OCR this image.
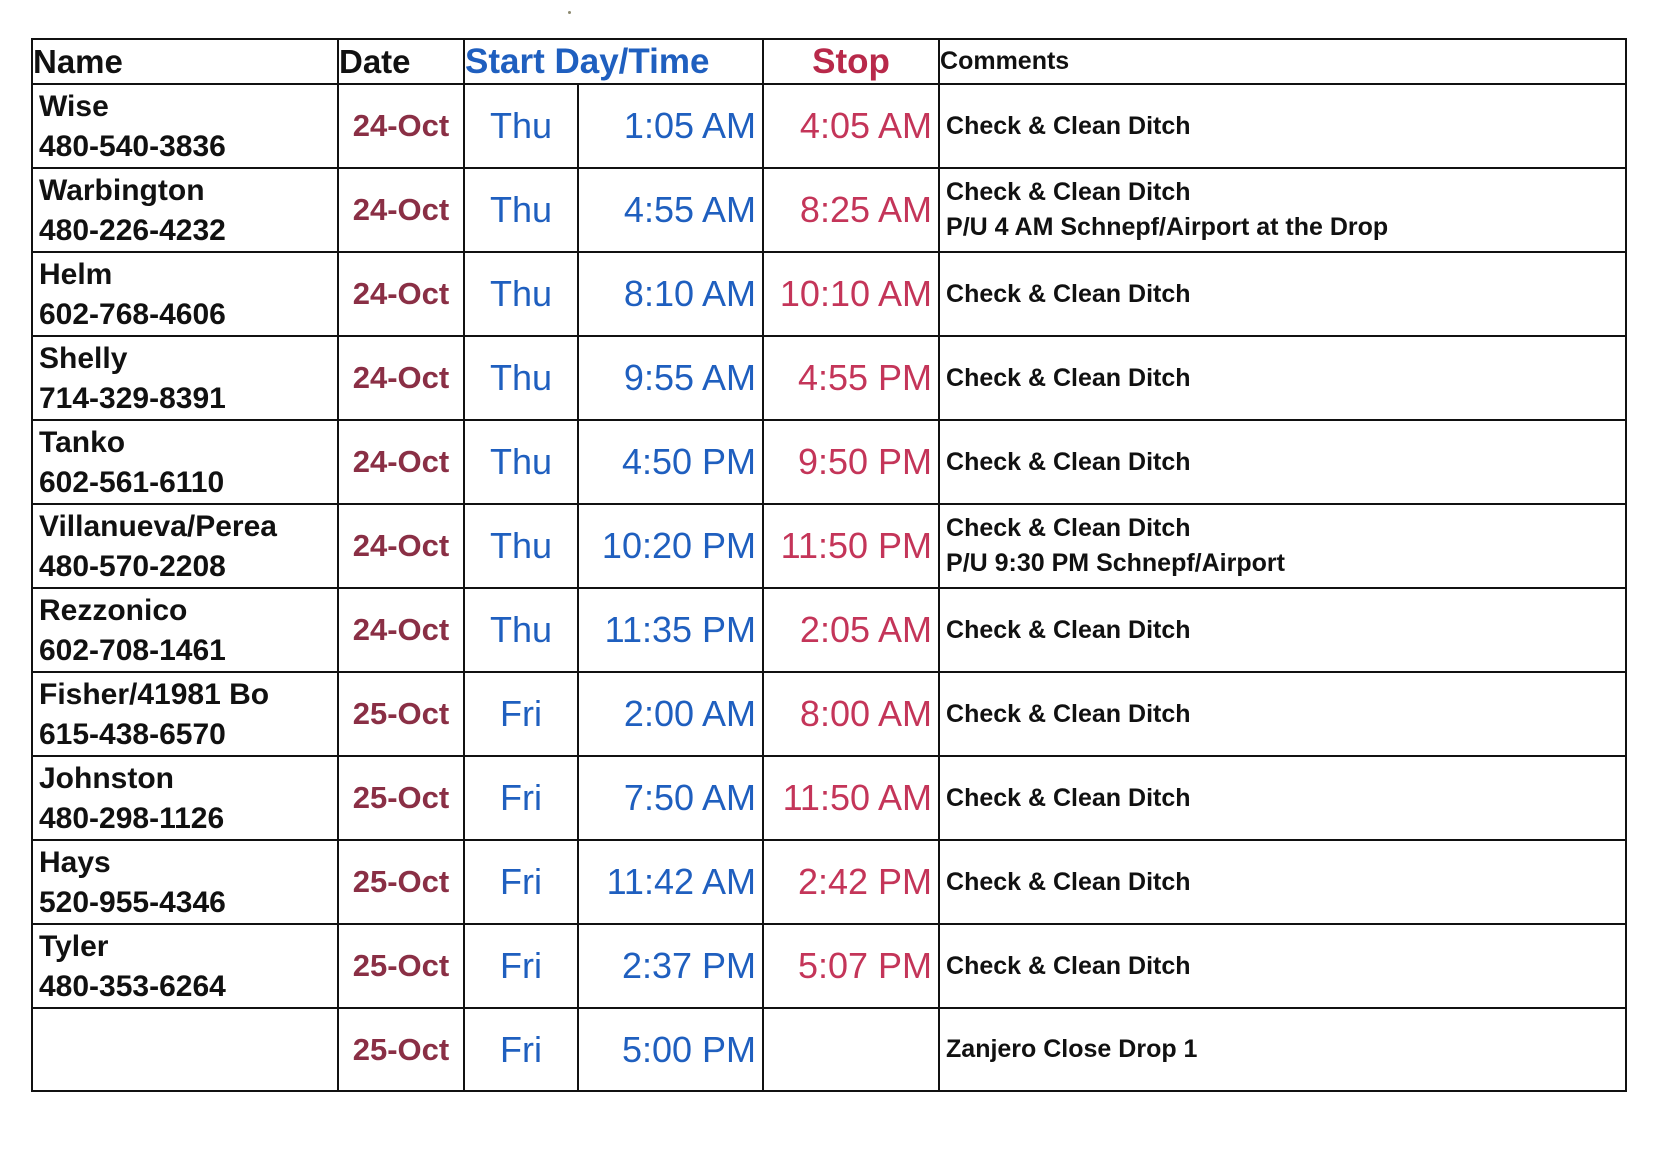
Name	Date	Start Day/Time		Stop	Comments
Wise
480-540-3836	24-Oct	Thu	1:05 AM	4:05 AM	Check & Clean Ditch

Warbington
480-226-4232	24-Oct	Thu	4:55 AM	8:25 AM	Check & Clean Ditch
P/U 4 AM Schnepf/Airport at the Drop

Helm
602-768-4606	24-Oct	Thu	8:10 AM	10:10 AM	Check & Clean Ditch

Shelly
714-329-8391	24-Oct	Thu	9:55 AM	4:55 PM	Check & Clean Ditch

Tanko
602-561-6110	24-Oct	Thu	4:50 PM	9:50 PM	Check & Clean Ditch

Villanueva/Perea
480-570-2208	24-Oct	Thu	10:20 PM	11:50 PM	Check & Clean Ditch
P/U 9:30 PM Schnepf/Airport

Rezzonico
602-708-1461	24-Oct	Thu	11:35 PM	2:05 AM	Check & Clean Ditch

Fisher/41981 Bo
615-438-6570	25-Oct	Fri	2:00 AM	8:00 AM	Check & Clean Ditch

Johnston
480-298-1126	25-Oct	Fri	7:50 AM	11:50 AM	Check & Clean Ditch

Hays
520-955-4346	25-Oct	Fri	11:42 AM	2:42 PM	Check & Clean Ditch

Tyler
480-353-6264	25-Oct	Fri	2:37 PM	5:07 PM	Check & Clean Ditch

	25-Oct	Fri	5:00 PM		Zanjero Close Drop 1
